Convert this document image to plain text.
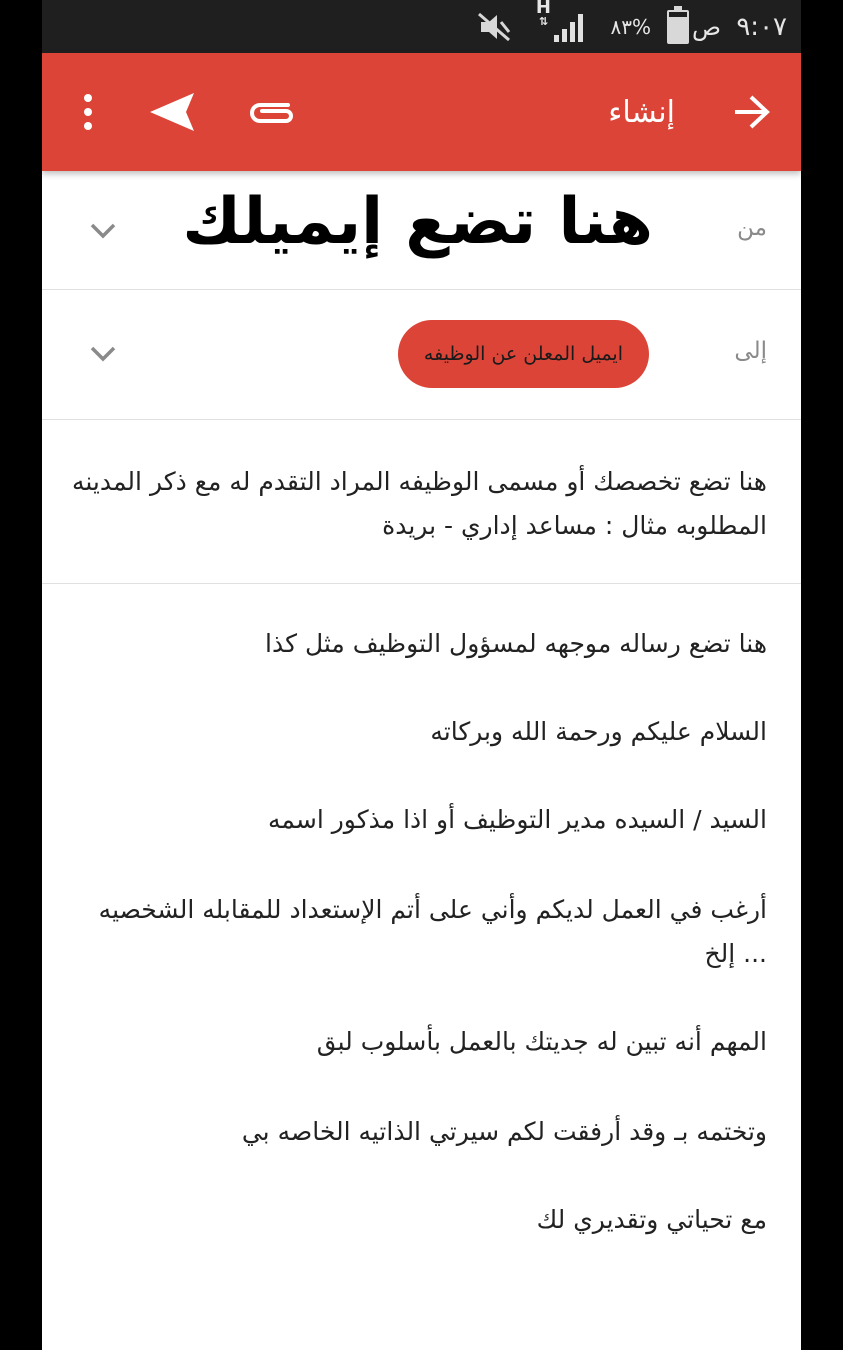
٩:٠٧
ص
٨٣%
H
⇅
إنشاء
من
هنا تضع إيميلك
إلى
ايميل المعلن عن الوظيفه
هنا تضع تخصصك أو مسمى الوظيفه المراد التقدم له مع ذكر المدينه المطلوبه مثال : مساعد إداري - بريدة
هنا تضع رساله موجهه لمسؤول التوظيف مثل كذا
السلام عليكم ورحمة الله وبركاته
السيد / السيده مدير التوظيف أو اذا مذكور اسمه
أرغب في العمل لديكم وأني على أتم الإستعداد للمقابله الشخصيه ... إلخ
المهم أنه تبين له جديتك بالعمل بأسلوب لبق
وتختمه بـ وقد أرفقت لكم سيرتي الذاتيه الخاصه بي
مع تحياتي وتقديري لك
